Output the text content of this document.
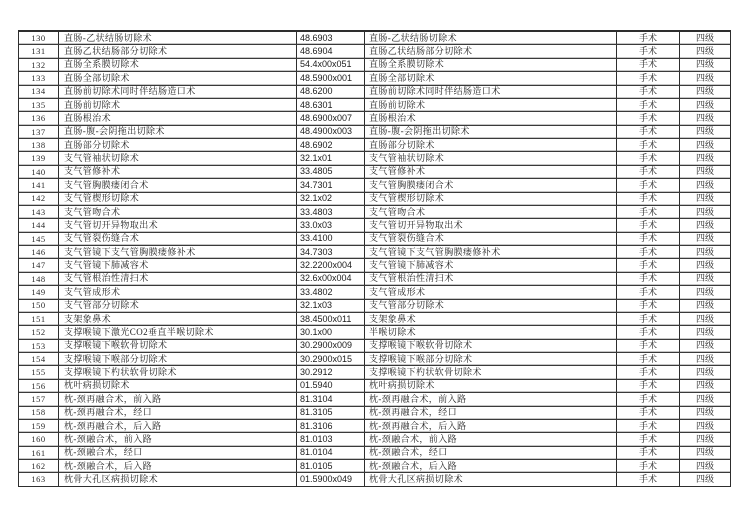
130	直肠-乙状结肠切除术	48.6903	直肠-乙状结肠切除术	手术	四级
131	直肠乙状结肠部分切除术	48.6904	直肠乙状结肠部分切除术	手术	四级
132	直肠全系膜切除术	54.4x00x051	直肠全系膜切除术	手术	四级
133	直肠全部切除术	48.5900x001	直肠全部切除术	手术	四级
134	直肠前切除术同时伴结肠造口术	48.6200	直肠前切除术同时伴结肠造口术	手术	四级
135	直肠前切除术	48.6301	直肠前切除术	手术	四级
136	直肠根治术	48.6900x007	直肠根治术	手术	四级
137	直肠-腹-会阴拖出切除术	48.4900x003	直肠-腹-会阴拖出切除术	手术	四级
138	直肠部分切除术	48.6902	直肠部分切除术	手术	四级
139	支气管袖状切除术	32.1x01	支气管袖状切除术	手术	四级
140	支气管修补术	33.4805	支气管修补术	手术	四级
141	支气管胸膜瘘闭合术	34.7301	支气管胸膜瘘闭合术	手术	四级
142	支气管楔形切除术	32.1x02	支气管楔形切除术	手术	四级
143	支气管吻合术	33.4803	支气管吻合术	手术	四级
144	支气管切开异物取出术	33.0x03	支气管切开异物取出术	手术	四级
145	支气管裂伤缝合术	33.4100	支气管裂伤缝合术	手术	四级
146	支气管镜下支气管胸膜瘘修补术	34.7303	支气管镜下支气管胸膜瘘修补术	手术	四级
147	支气管镜下肺减容术	32.2200x004	支气管镜下肺减容术	手术	四级
148	支气管根治性清扫术	32.6x00x004	支气管根治性清扫术	手术	四级
149	支气管成形术	33.4802	支气管成形术	手术	四级
150	支气管部分切除术	32.1x03	支气管部分切除术	手术	四级
151	支架象鼻术	38.4500x011	支架象鼻术	手术	四级
152	支撑喉镜下激光CO2垂直半喉切除术	30.1x00	半喉切除术	手术	四级
153	支撑喉镜下喉软骨切除术	30.2900x009	支撑喉镜下喉软骨切除术	手术	四级
154	支撑喉镜下喉部分切除术	30.2900x015	支撑喉镜下喉部分切除术	手术	四级
155	支撑喉镜下杓状软骨切除术	30.2912	支撑喉镜下杓状软骨切除术	手术	四级
156	枕叶病损切除术	01.5940	枕叶病损切除术	手术	四级
157	枕-颈再融合术，前入路	81.3104	枕-颈再融合术，前入路	手术	四级
158	枕-颈再融合术，经口	81.3105	枕-颈再融合术，经口	手术	四级
159	枕-颈再融合术，后入路	81.3106	枕-颈再融合术，后入路	手术	四级
160	枕-颈融合术，前入路	81.0103	枕-颈融合术，前入路	手术	四级
161	枕-颈融合术，经口	81.0104	枕-颈融合术，经口	手术	四级
162	枕-颈融合术，后入路	81.0105	枕-颈融合术，后入路	手术	四级
163	枕骨大孔区病损切除术	01.5900x049	枕骨大孔区病损切除术	手术	四级
